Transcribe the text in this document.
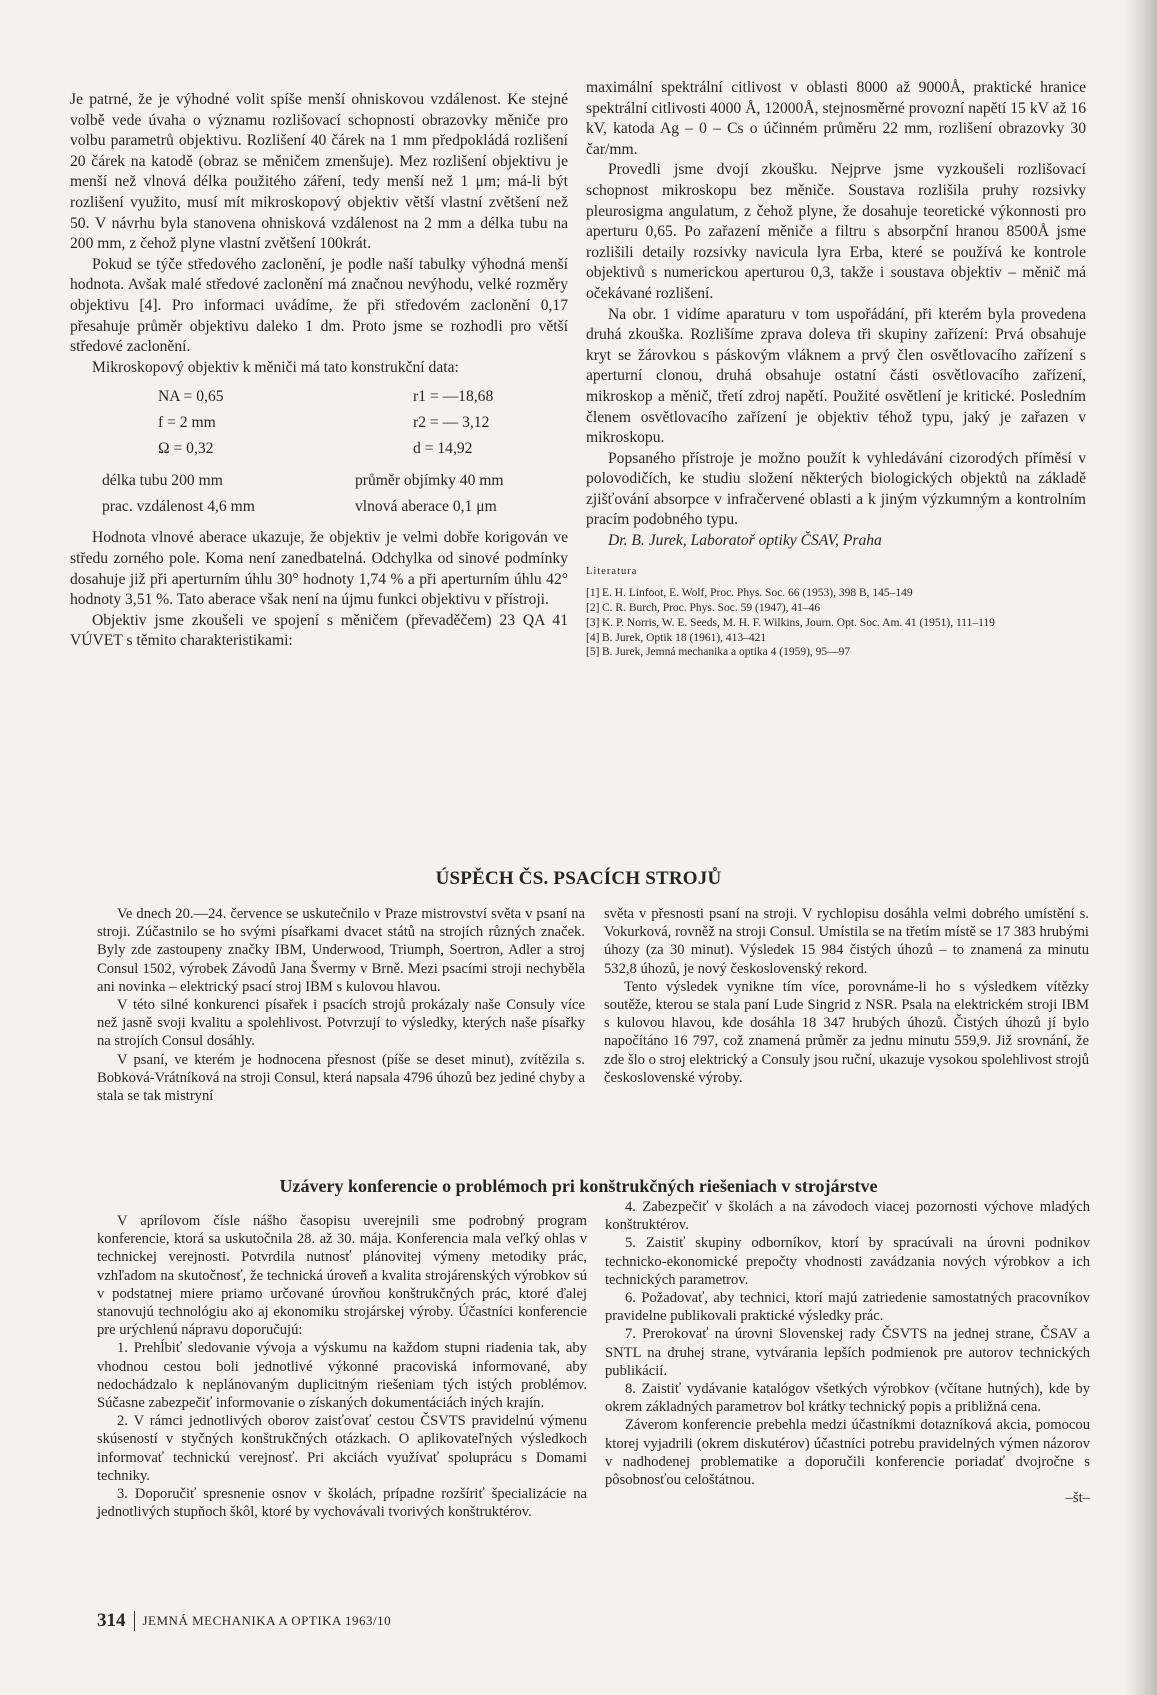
Je patrné, že je výhodné volit spíše menší ohniskovou vzdálenost. Ke stejné volbě vede úvaha o významu rozlišovací schopnosti obrazovky měniče pro volbu parametrů objektivu. Rozlišení 40 čárek na 1 mm předpokládá rozlišení 20 čárek na katodě (obraz se měničem zmenšuje). Mez rozlišení objektivu je menší než vlnová délka použitého záření, tedy menší než 1 μm; má-li být rozlišení využito, musí mít mikroskopový objektiv větší vlastní zvětšení než 50. V návrhu byla stanovena ohnisková vzdálenost na 2 mm a délka tubu na 200 mm, z čehož plyne vlastní zvětšení 100krát.

Pokud se týče středového zaclonění, je podle naší tabulky výhodná menší hodnota. Avšak malé středové zaclonění má značnou nevýhodu, velké rozměry objektivu [4]. Pro informaci uvádíme, že při středovém zaclonění 0,17 přesahuje průměr objektivu daleko 1 dm. Proto jsme se rozhodli pro větší středové zaclonění.

Mikroskopový objektiv k měniči má tato konstrukční data:

NA = 0,65	r1 = —18,68
f = 2 mm	r2 = — 3,12
Ω = 0,32	d = 14,92
délka tubu 200 mm	průměr objímky 40 mm
prac. vzdálenost 4,6 mm	vlnová aberace 0,1 μm

Hodnota vlnové aberace ukazuje, že objektiv je velmi dobře korigován ve středu zorného pole. Koma není zanedbatelná. Odchylka od sinové podmínky dosahuje již při aperturním úhlu 30° hodnoty 1,74 % a při aperturním úhlu 42° hodnoty 3,51 %. Tato aberace však není na újmu funkci objektivu v přístroji.

Objektiv jsme zkoušeli ve spojení s měničem (převaděčem) 23 QA 41 VÚVET s těmito charakteristikami:

maximální spektrální citlivost v oblasti 8000 až 9000Å, praktické hranice spektrální citlivosti 4000 Å, 12000Å, stejnosměrné provozní napětí 15 kV až 16 kV, katoda Ag – 0 – Cs o účinném průměru 22 mm, rozlišení obrazovky 30 čar/mm.

Provedli jsme dvojí zkoušku. Nejprve jsme vyzkoušeli rozlišovací schopnost mikroskopu bez měniče. Soustava rozlišila pruhy rozsivky pleurosigma angulatum, z čehož plyne, že dosahuje teoretické výkonnosti pro aperturu 0,65. Po zařazení měniče a filtru s absorpční hranou 8500Å jsme rozlišili detaily rozsivky navicula lyra Erba, které se používá ke kontrole objektivů s numerickou aperturou 0,3, takže i soustava objektiv – měnič má očekávané rozlišení.

Na obr. 1 vidíme aparaturu v tom uspořádání, při kterém byla provedena druhá zkouška. Rozlišíme zprava doleva tři skupiny zařízení: Prvá obsahuje kryt se žárovkou s páskovým vláknem a prvý člen osvětlovacího zařízení s aperturní clonou, druhá obsahuje ostatní části osvětlovacího zařízení, mikroskop a měnič, třetí zdroj napětí. Použité osvětlení je kritické. Posledním členem osvětlovacího zařízení je objektiv téhož typu, jaký je zařazen v mikroskopu.

Popsaného přístroje je možno použít k vyhledávání cizorodých příměsí v polovodičích, ke studiu složení některých biologických objektů na základě zjišťování absorpce v infračervené oblasti a k jiným výzkumným a kontrolním pracím podobného typu.

Dr. B. Jurek, Laboratoř optiky ČSAV, Praha

Literatura
[1] E. H. Linfoot, E. Wolf, Proc. Phys. Soc. 66 (1953), 398 B, 145–149
[2] C. R. Burch, Proc. Phys. Soc. 59 (1947), 41–46
[3] K. P. Norris, W. E. Seeds, M. H. F. Wilkins, Journ. Opt. Soc. Am. 41 (1951), 111–119
[4] B. Jurek, Optik 18 (1961), 413–421
[5] B. Jurek, Jemná mechanika a optika 4 (1959), 95—97
ÚSPĚCH ČS. PSACÍCH STROJŮ

Ve dnech 20.—24. července se uskutečnilo v Praze mistrovství světa v psaní na stroji. Zúčastnilo se ho svými písařkami dvacet států na strojích různých značek. Byly zde zastoupeny značky IBM, Underwood, Triumph, Soertron, Adler a stroj Consul 1502, výrobek Závodů Jana Švermy v Brně. Mezi psacími stroji nechyběla ani novinka – elektrický psací stroj IBM s kulovou hlavou.

V této silné konkurenci písařek i psacích strojů prokázaly naše Consuly více než jasně svoji kvalitu a spolehlivost. Potvrzují to výsledky, kterých naše písařky na strojích Consul dosáhly.

V psaní, ve kterém je hodnocena přesnost (píše se deset minut), zvítězila s. Bobková-Vrátníková na stroji Consul, která napsala 4796 úhozů bez jediné chyby a stala se tak mistryní

světa v přesnosti psaní na stroji. V rychlopisu dosáhla velmi dobrého umístění s. Vokurková, rovněž na stroji Consul. Umístila se na třetím místě se 17 383 hrubými úhozy (za 30 minut). Výsledek 15 984 čistých úhozů – to znamená za minutu 532,8 úhozů, je nový československý rekord.

Tento výsledek vynikne tím více, porovnáme-li ho s výsledkem vítězky soutěže, kterou se stala paní Lude Singrid z NSR. Psala na elektrickém stroji IBM s kulovou hlavou, kde dosáhla 18 347 hrubých úhozů. Čistých úhozů jí bylo napočítáno 16 797, což znamená průměr za jednu minutu 559,9. Již srovnání, že zde šlo o stroj elektrický a Consuly jsou ruční, ukazuje vysokou spolehlivost strojů československé výroby.

Uzávery konferencie o problémoch pri konštrukčných riešeniach v strojárstve

V aprílovom čísle nášho časopisu uverejnili sme podrobný program konferencie, ktorá sa uskutočnila 28. až 30. mája. Konferencia mala veľký ohlas v technickej verejnosti. Potvrdila nutnosť plánovitej výmeny metodiky prác, vzhľadom na skutočnosť, že technická úroveň a kvalita strojárenských výrobkov sú v podstatnej miere priamo určované úrovňou konštrukčných prác, ktoré ďalej stanovujú technológiu ako aj ekonomiku strojárskej výroby. Účastníci konferencie pre urýchlenú nápravu doporučujú:

1. Prehĺbiť sledovanie vývoja a výskumu na každom stupni riadenia tak, aby vhodnou cestou boli jednotlivé výkonné pracoviská informované, aby nedochádzalo k neplánovaným duplicitným riešeniam tých istých problémov. Súčasne zabezpečiť informovanie o získaných dokumentáciách iných krajín.

2. V rámci jednotlivých oborov zaisťovať cestou ČSVTS pravidelnú výmenu skúseností v styčných konštrukčných otázkach. O aplikovateľných výsledkoch informovať technickú verejnosť. Pri akciách využívať spoluprácu s Domami techniky.

3. Doporučiť spresnenie osnov v školách, prípadne rozšíriť špecializácie na jednotlivých stupňoch škôl, ktoré by vychovávali tvorivých konštruktérov.

4. Zabezpečiť v školách a na závodoch viacej pozornosti výchove mladých konštruktérov.

5. Zaistiť skupiny odborníkov, ktorí by spracúvali na úrovni podnikov technicko-ekonomické prepočty vhodnosti zavádzania nových výrobkov a ich technických parametrov.

6. Požadovať, aby technici, ktorí majú zatriedenie samostatných pracovníkov pravidelne publikovali praktické výsledky prác.

7. Prerokovať na úrovni Slovenskej rady ČSVTS na jednej strane, ČSAV a SNTL na druhej strane, vytvárania lepších podmienok pre autorov technických publikácií.

8. Zaistiť vydávanie katalógov všetkých výrobkov (včítane hutných), kde by okrem základných parametrov bol krátky technický popis a približná cena.

Záverom konferencie prebehla medzi účastníkmi dotazníková akcia, pomocou ktorej vyjadrili (okrem diskutérov) účastníci potrebu pravidelných výmen názorov v nadhodenej problematike a doporučili konferencie poriadať dvojročne s pôsobnosťou celoštátnou.

–št–

314 JEMNÁ MECHANIKA A OPTIKA 1963/10
